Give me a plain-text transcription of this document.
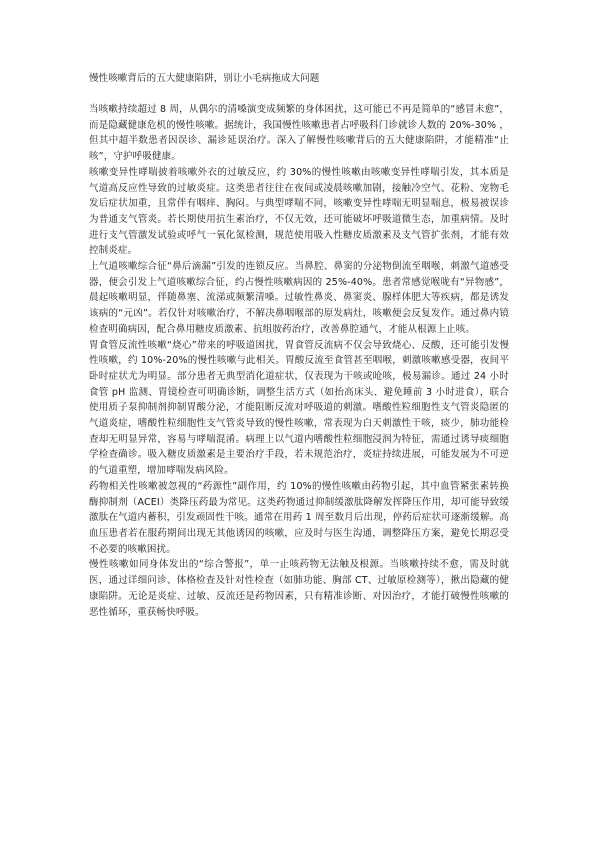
慢性咳嗽背后的五大健康陷阱，别让小毛病拖成大问题

当咳嗽持续超过 8 周，从偶尔的清嗓演变成频繁的身体困扰，这可能已不再是简单的“感冒未愈”，而是隐藏健康危机的慢性咳嗽。据统计，我国慢性咳嗽患者占呼吸科门诊就诊人数的 20%-30% ，但其中超半数患者因误诊、漏诊延误治疗。深入了解慢性咳嗽背后的五大健康陷阱，才能精准“止咳”，守护呼吸健康。

咳嗽变异性哮喘披着咳嗽外衣的过敏反应，约 30%的慢性咳嗽由咳嗽变异性哮喘引发，其本质是气道高反应性导致的过敏炎症。这类患者往往在夜间或凌晨咳嗽加剧，接触冷空气、花粉、宠物毛发后症状加重，且常伴有咽痒、胸闷。与典型哮喘不同，咳嗽变异性哮喘无明显喘息，极易被误诊为普通支气管炎。若长期使用抗生素治疗，不仅无效，还可能破坏呼吸道微生态，加重病情。及时进行支气管激发试验或呼气一氧化氮检测，规范使用吸入性糖皮质激素及支气管扩张剂，才能有效控制炎症。

上气道咳嗽综合征“鼻后滴漏”引发的连锁反应。当鼻腔、鼻窦的分泌物倒流至咽喉，刺激气道感受器，便会引发上气道咳嗽综合征，约占慢性咳嗽病因的 25%-40%。患者常感觉喉咙有“异物感”，晨起咳嗽明显，伴随鼻塞、流涕或频繁清嗓。过敏性鼻炎、鼻窦炎、腺样体肥大等疾病，都是诱发该病的“元凶”。若仅针对咳嗽治疗，不解决鼻咽喉部的原发病灶，咳嗽便会反复发作。通过鼻内镜检查明确病因，配合鼻用糖皮质激素、抗组胺药治疗，改善鼻腔通气，才能从根源上止咳。

胃食管反流性咳嗽“烧心”带来的呼吸道困扰，胃食管反流病不仅会导致烧心、反酸，还可能引发慢性咳嗽，约 10%-20%的慢性咳嗽与此相关。胃酸反流至食管甚至咽喉，刺激咳嗽感受器，夜间平卧时症状尤为明显。部分患者无典型消化道症状，仅表现为干咳或呛咳，极易漏诊。通过 24 小时食管 pH 监测、胃镜检查可明确诊断，调整生活方式（如抬高床头、避免睡前 3 小时进食），联合使用质子泵抑制剂抑制胃酸分泌，才能阻断反流对呼吸道的刺激。嗜酸性粒细胞性支气管炎隐匿的气道炎症，嗜酸性粒细胞性支气管炎导致的慢性咳嗽，常表现为白天刺激性干咳，痰少，肺功能检查却无明显异常，容易与哮喘混淆。病理上以气道内嗜酸性粒细胞浸润为特征，需通过诱导痰细胞学检查确诊。吸入糖皮质激素是主要治疗手段，若未规范治疗，炎症持续进展，可能发展为不可逆的气道重塑，增加哮喘发病风险。

药物相关性咳嗽被忽视的“药源性”副作用，约 10%的慢性咳嗽由药物引起，其中血管紧张素转换酶抑制剂（ACEI）类降压药最为常见。这类药物通过抑制缓激肽降解发挥降压作用，却可能导致缓激肽在气道内蓄积，引发顽固性干咳。通常在用药 1 周至数月后出现，停药后症状可逐渐缓解。高血压患者若在服药期间出现无其他诱因的咳嗽，应及时与医生沟通，调整降压方案，避免长期忍受不必要的咳嗽困扰。

慢性咳嗽如同身体发出的“综合警报”，单一止咳药物无法触及根源。当咳嗽持续不愈，需及时就医，通过详细问诊、体格检查及针对性检查（如肺功能、胸部 CT、过敏原检测等），揪出隐藏的健康陷阱。无论是炎症、过敏、反流还是药物因素，只有精准诊断、对因治疗，才能打破慢性咳嗽的恶性循环，重获畅快呼吸。
